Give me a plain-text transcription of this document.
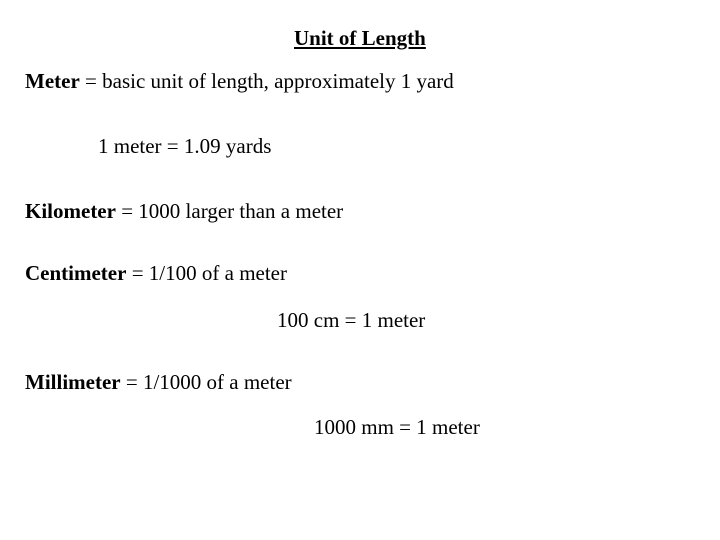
Unit of Length
Meter = basic unit of length, approximately 1 yard
1 meter = 1.09 yards
Kilometer = 1000 larger than a meter
Centimeter = 1/100 of a meter
100 cm = 1 meter
Millimeter = 1/1000 of a meter
1000 mm = 1 meter
